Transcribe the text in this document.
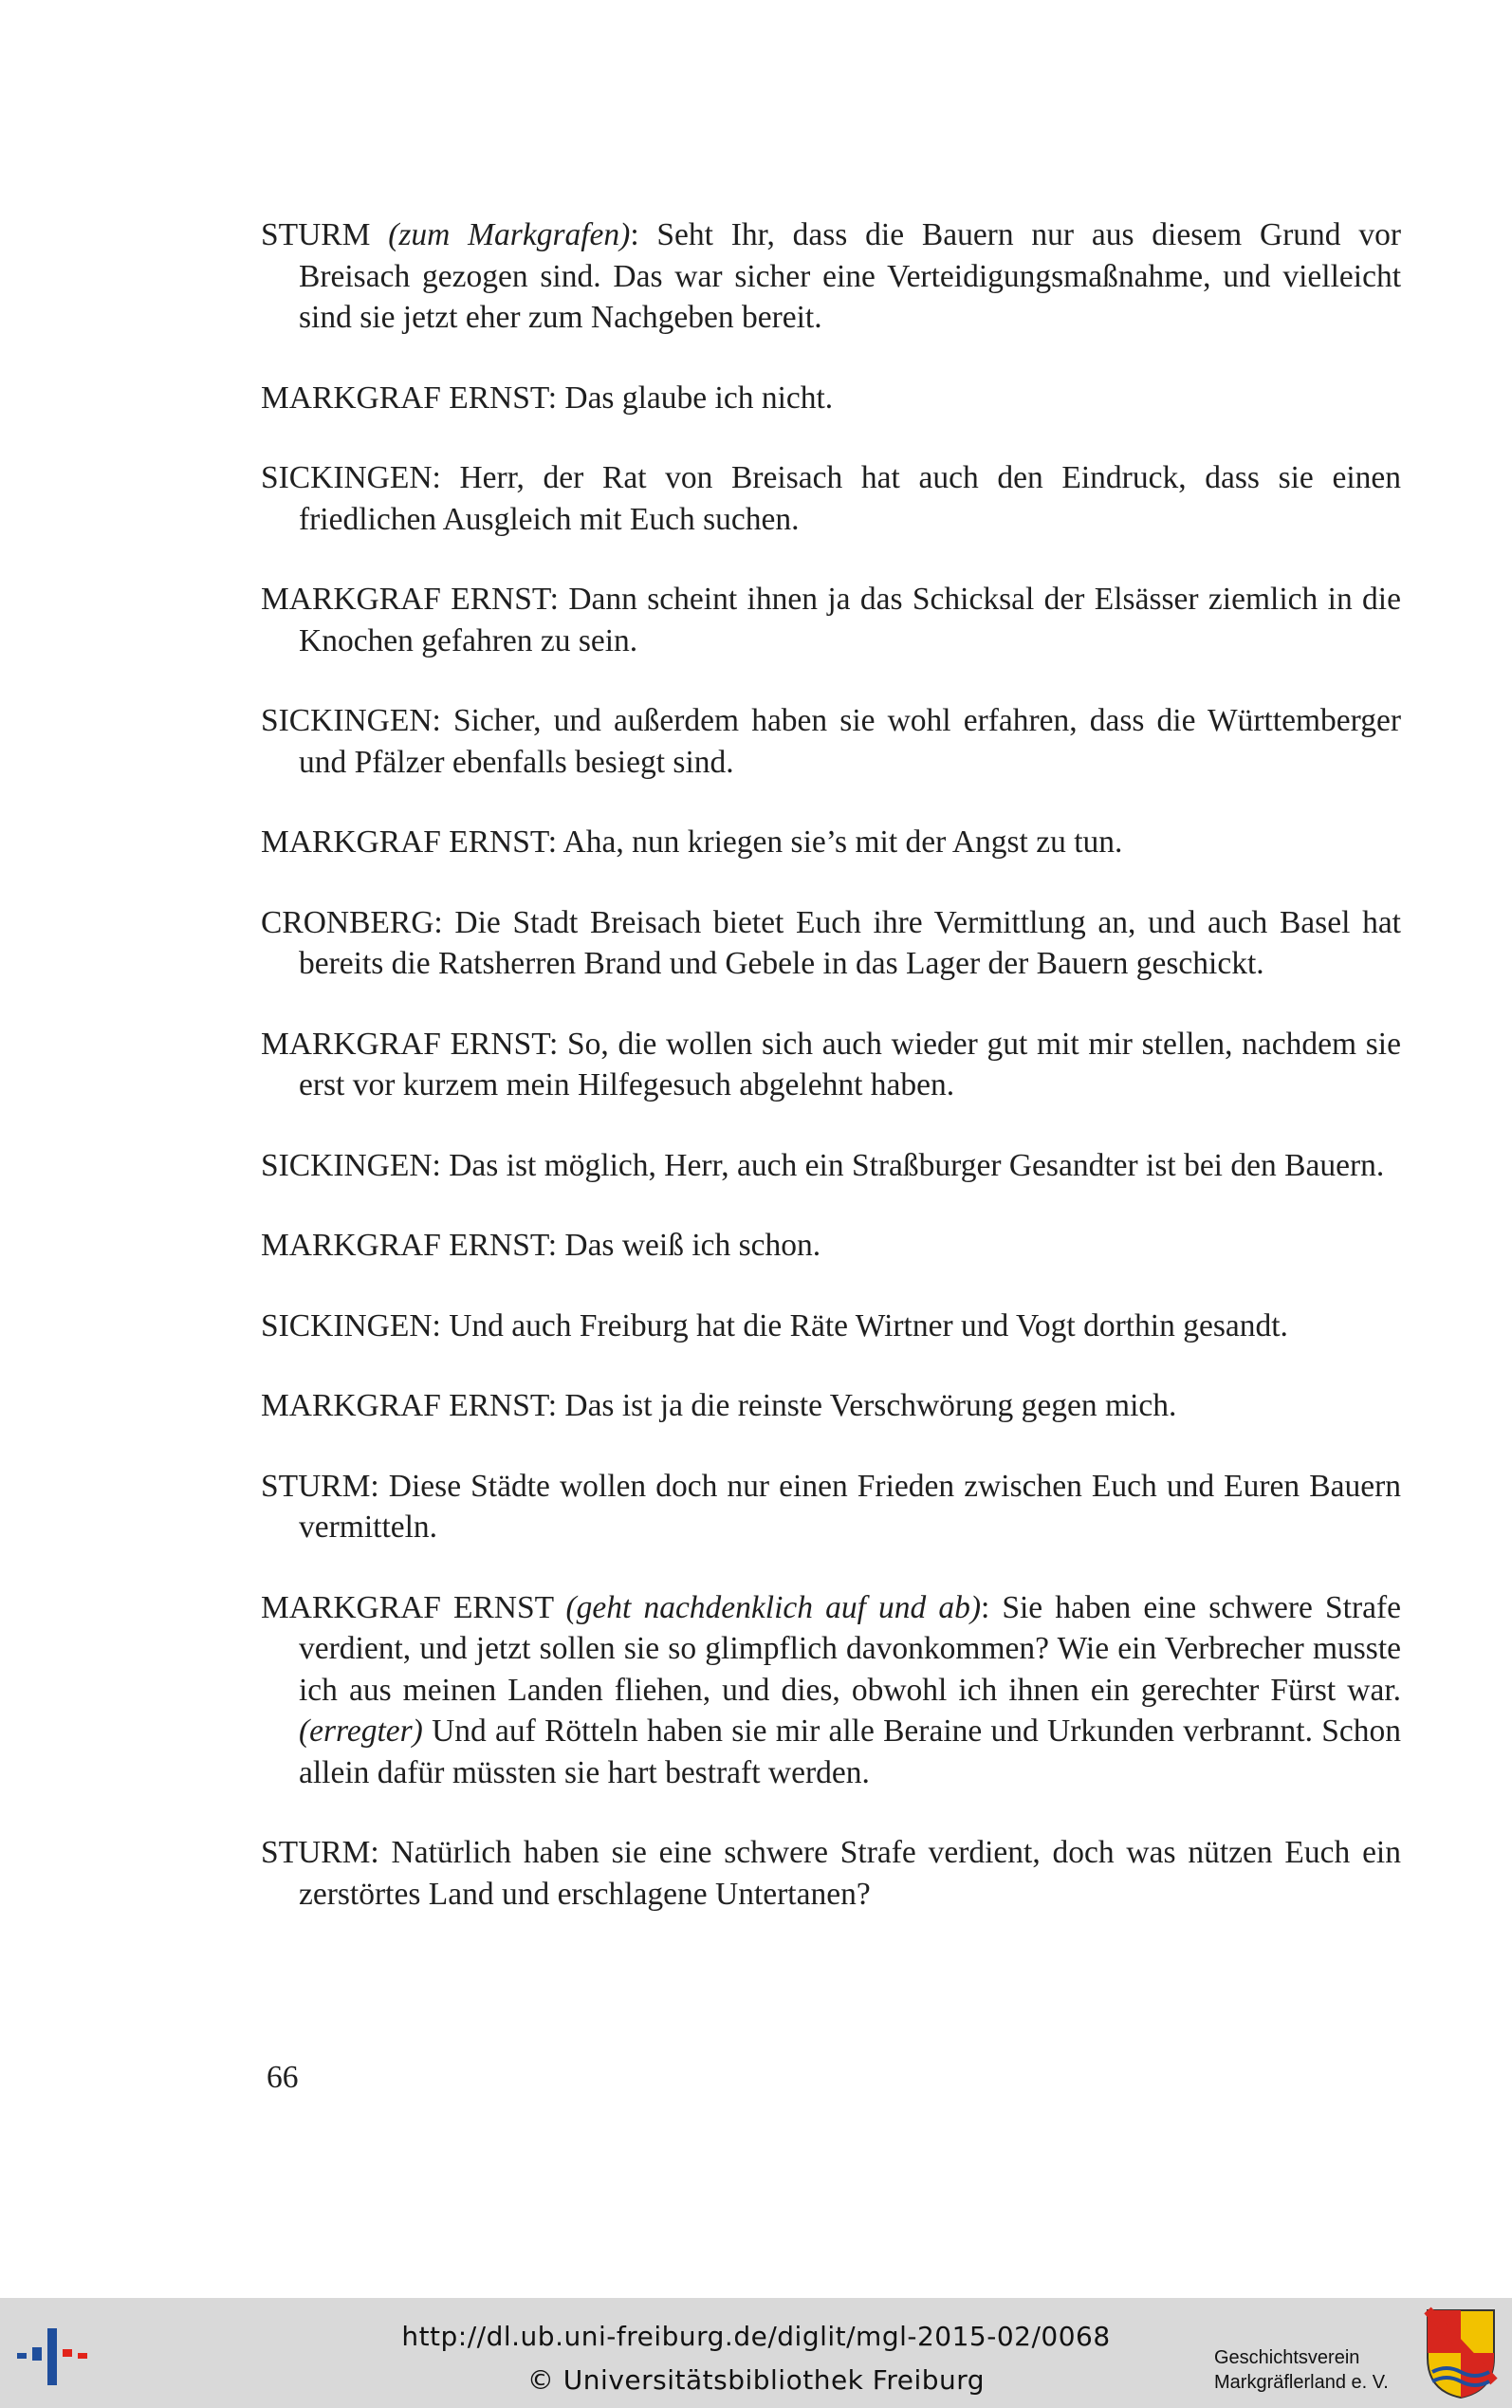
STURM (zum Markgrafen): Seht Ihr, dass die Bauern nur aus diesem Grund vor Breisach gezogen sind. Das war sicher eine Verteidigungsmaßnahme, und vielleicht sind sie jetzt eher zum Nachgeben bereit.

MARKGRAF ERNST: Das glaube ich nicht.

SICKINGEN: Herr, der Rat von Breisach hat auch den Eindruck, dass sie einen friedlichen Ausgleich mit Euch suchen.

MARKGRAF ERNST: Dann scheint ihnen ja das Schicksal der Elsässer ziemlich in die Knochen gefahren zu sein.

SICKINGEN: Sicher, und außerdem haben sie wohl erfahren, dass die Württemberger und Pfälzer ebenfalls besiegt sind.

MARKGRAF ERNST: Aha, nun kriegen sie’s mit der Angst zu tun.

CRONBERG: Die Stadt Breisach bietet Euch ihre Vermittlung an, und auch Basel hat bereits die Ratsherren Brand und Gebele in das Lager der Bauern geschickt.

MARKGRAF ERNST: So, die wollen sich auch wieder gut mit mir stellen, nachdem sie erst vor kurzem mein Hilfegesuch abgelehnt haben.

SICKINGEN: Das ist möglich, Herr, auch ein Straßburger Gesandter ist bei den Bauern.

MARKGRAF ERNST: Das weiß ich schon.

SICKINGEN: Und auch Freiburg hat die Räte Wirtner und Vogt dorthin gesandt.

MARKGRAF ERNST: Das ist ja die reinste Verschwörung gegen mich.

STURM: Diese Städte wollen doch nur einen Frieden zwischen Euch und Euren Bauern vermitteln.

MARKGRAF ERNST (geht nachdenklich auf und ab): Sie haben eine schwere Strafe verdient, und jetzt sollen sie so glimpflich davonkommen? Wie ein Verbrecher musste ich aus meinen Landen fliehen, und dies, obwohl ich ihnen ein gerechter Fürst war. (erregter) Und auf Rötteln haben sie mir alle Beraine und Urkunden verbrannt. Schon allein dafür müssten sie hart bestraft werden.

STURM: Natürlich haben sie eine schwere Strafe verdient, doch was nützen Euch ein zerstörtes Land und erschlagene Untertanen?

66
http://dl.ub.uni-freiburg.de/diglit/mgl-2015-02/0068
© Universitätsbibliothek Freiburg
Geschichtsverein
Markgräflerland e. V.
